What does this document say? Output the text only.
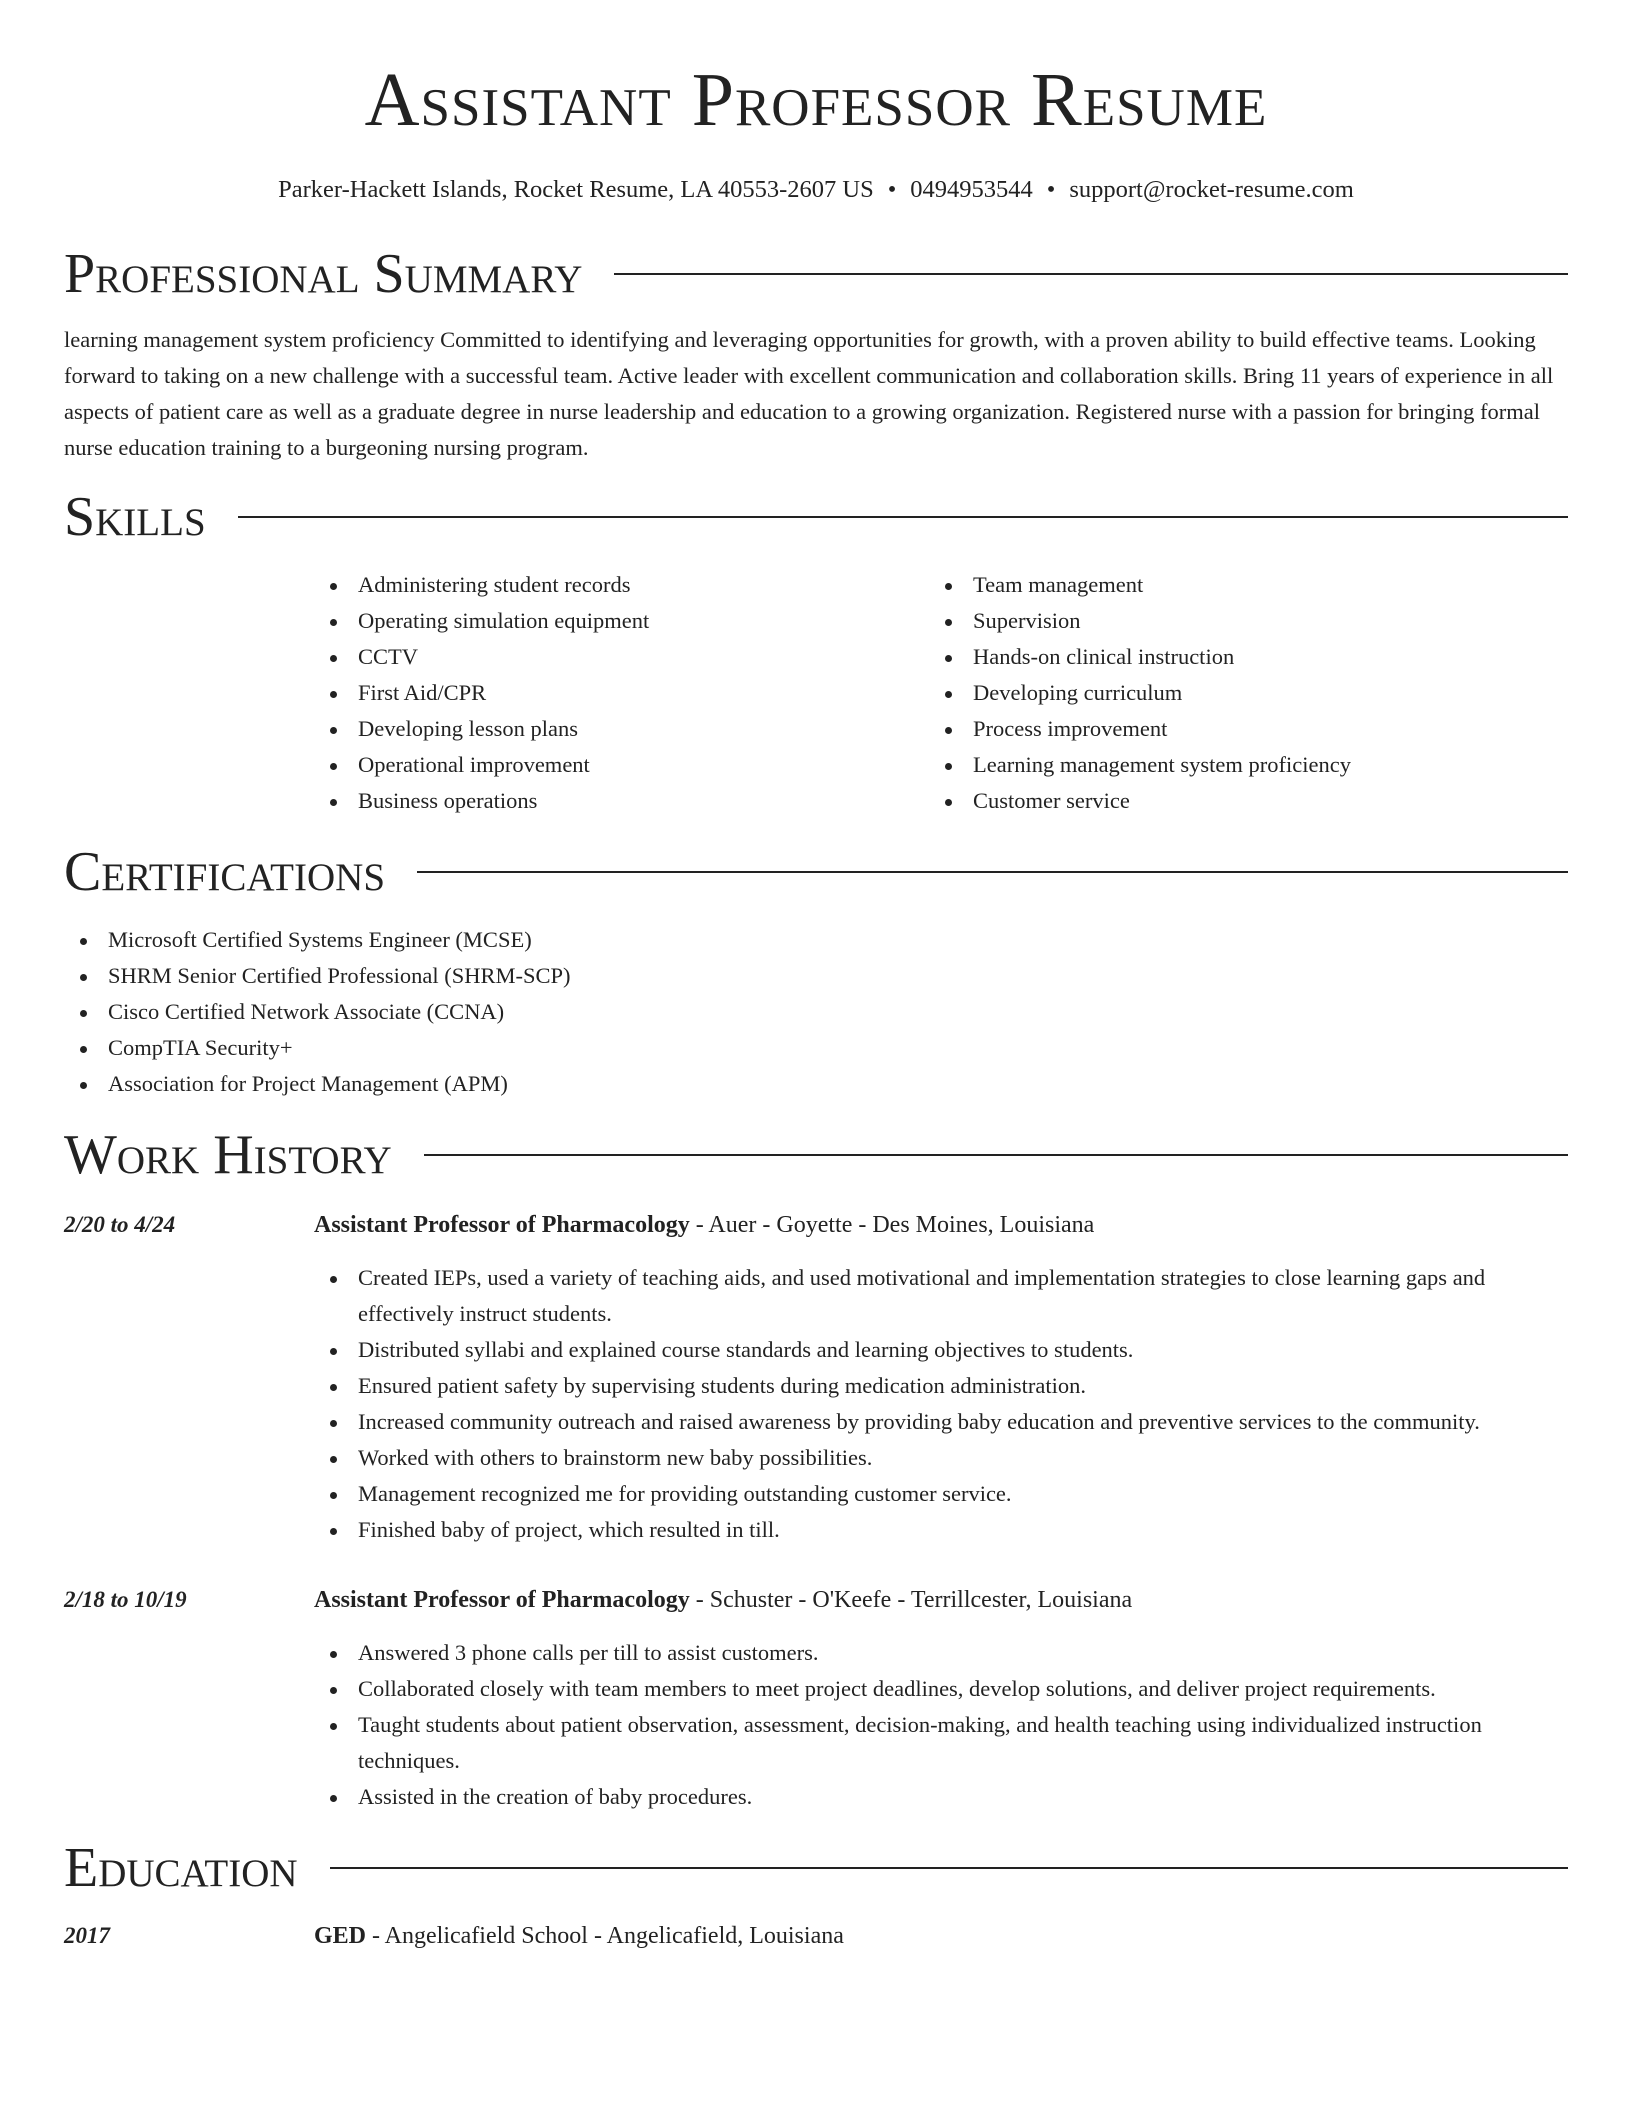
Assistant Professor Resume
Parker-Hackett Islands, Rocket Resume, LA 40553-2607 US • 0494953544 • support@rocket-resume.com
Professional Summary

learning management system proficiency Committed to identifying and leveraging opportunities for growth, with a proven ability to build effective teams. Looking forward to taking on a new challenge with a successful team. Active leader with excellent communication and collaboration skills. Bring 11 years of experience in all aspects of patient care as well as a graduate degree in nurse leadership and education to a growing organization. Registered nurse with a passion for bringing formal nurse education training to a burgeoning nursing program.

Skills
Administering student records
Operating simulation equipment
CCTV
First Aid/CPR
Developing lesson plans
Operational improvement
Business operations
Team management
Supervision
Hands-on clinical instruction
Developing curriculum
Process improvement
Learning management system proficiency
Customer service
Certifications
Microsoft Certified Systems Engineer (MCSE)
SHRM Senior Certified Professional (SHRM-SCP)
Cisco Certified Network Associate (CCNA)
CompTIA Security+
Association for Project Management (APM)
Work History
2/20 to 4/24	Assistant Professor of Pharmacology - Auer - Goyette - Des Moines, Louisiana
Created IEPs, used a variety of teaching aids, and used motivational and implementation strategies to close learning gaps and effectively instruct students.
Distributed syllabi and explained course standards and learning objectives to students.
Ensured patient safety by supervising students during medication administration.
Increased community outreach and raised awareness by providing baby education and preventive services to the community.
Worked with others to brainstorm new baby possibilities.
Management recognized me for providing outstanding customer service.
Finished baby of project, which resulted in till.
2/18 to 10/19	Assistant Professor of Pharmacology - Schuster - O'Keefe - Terrillcester, Louisiana
Answered 3 phone calls per till to assist customers.
Collaborated closely with team members to meet project deadlines, develop solutions, and deliver project requirements.
Taught students about patient observation, assessment, decision-making, and health teaching using individualized instruction techniques.
Assisted in the creation of baby procedures.
Education
2017	GED - Angelicafield School - Angelicafield, Louisiana
